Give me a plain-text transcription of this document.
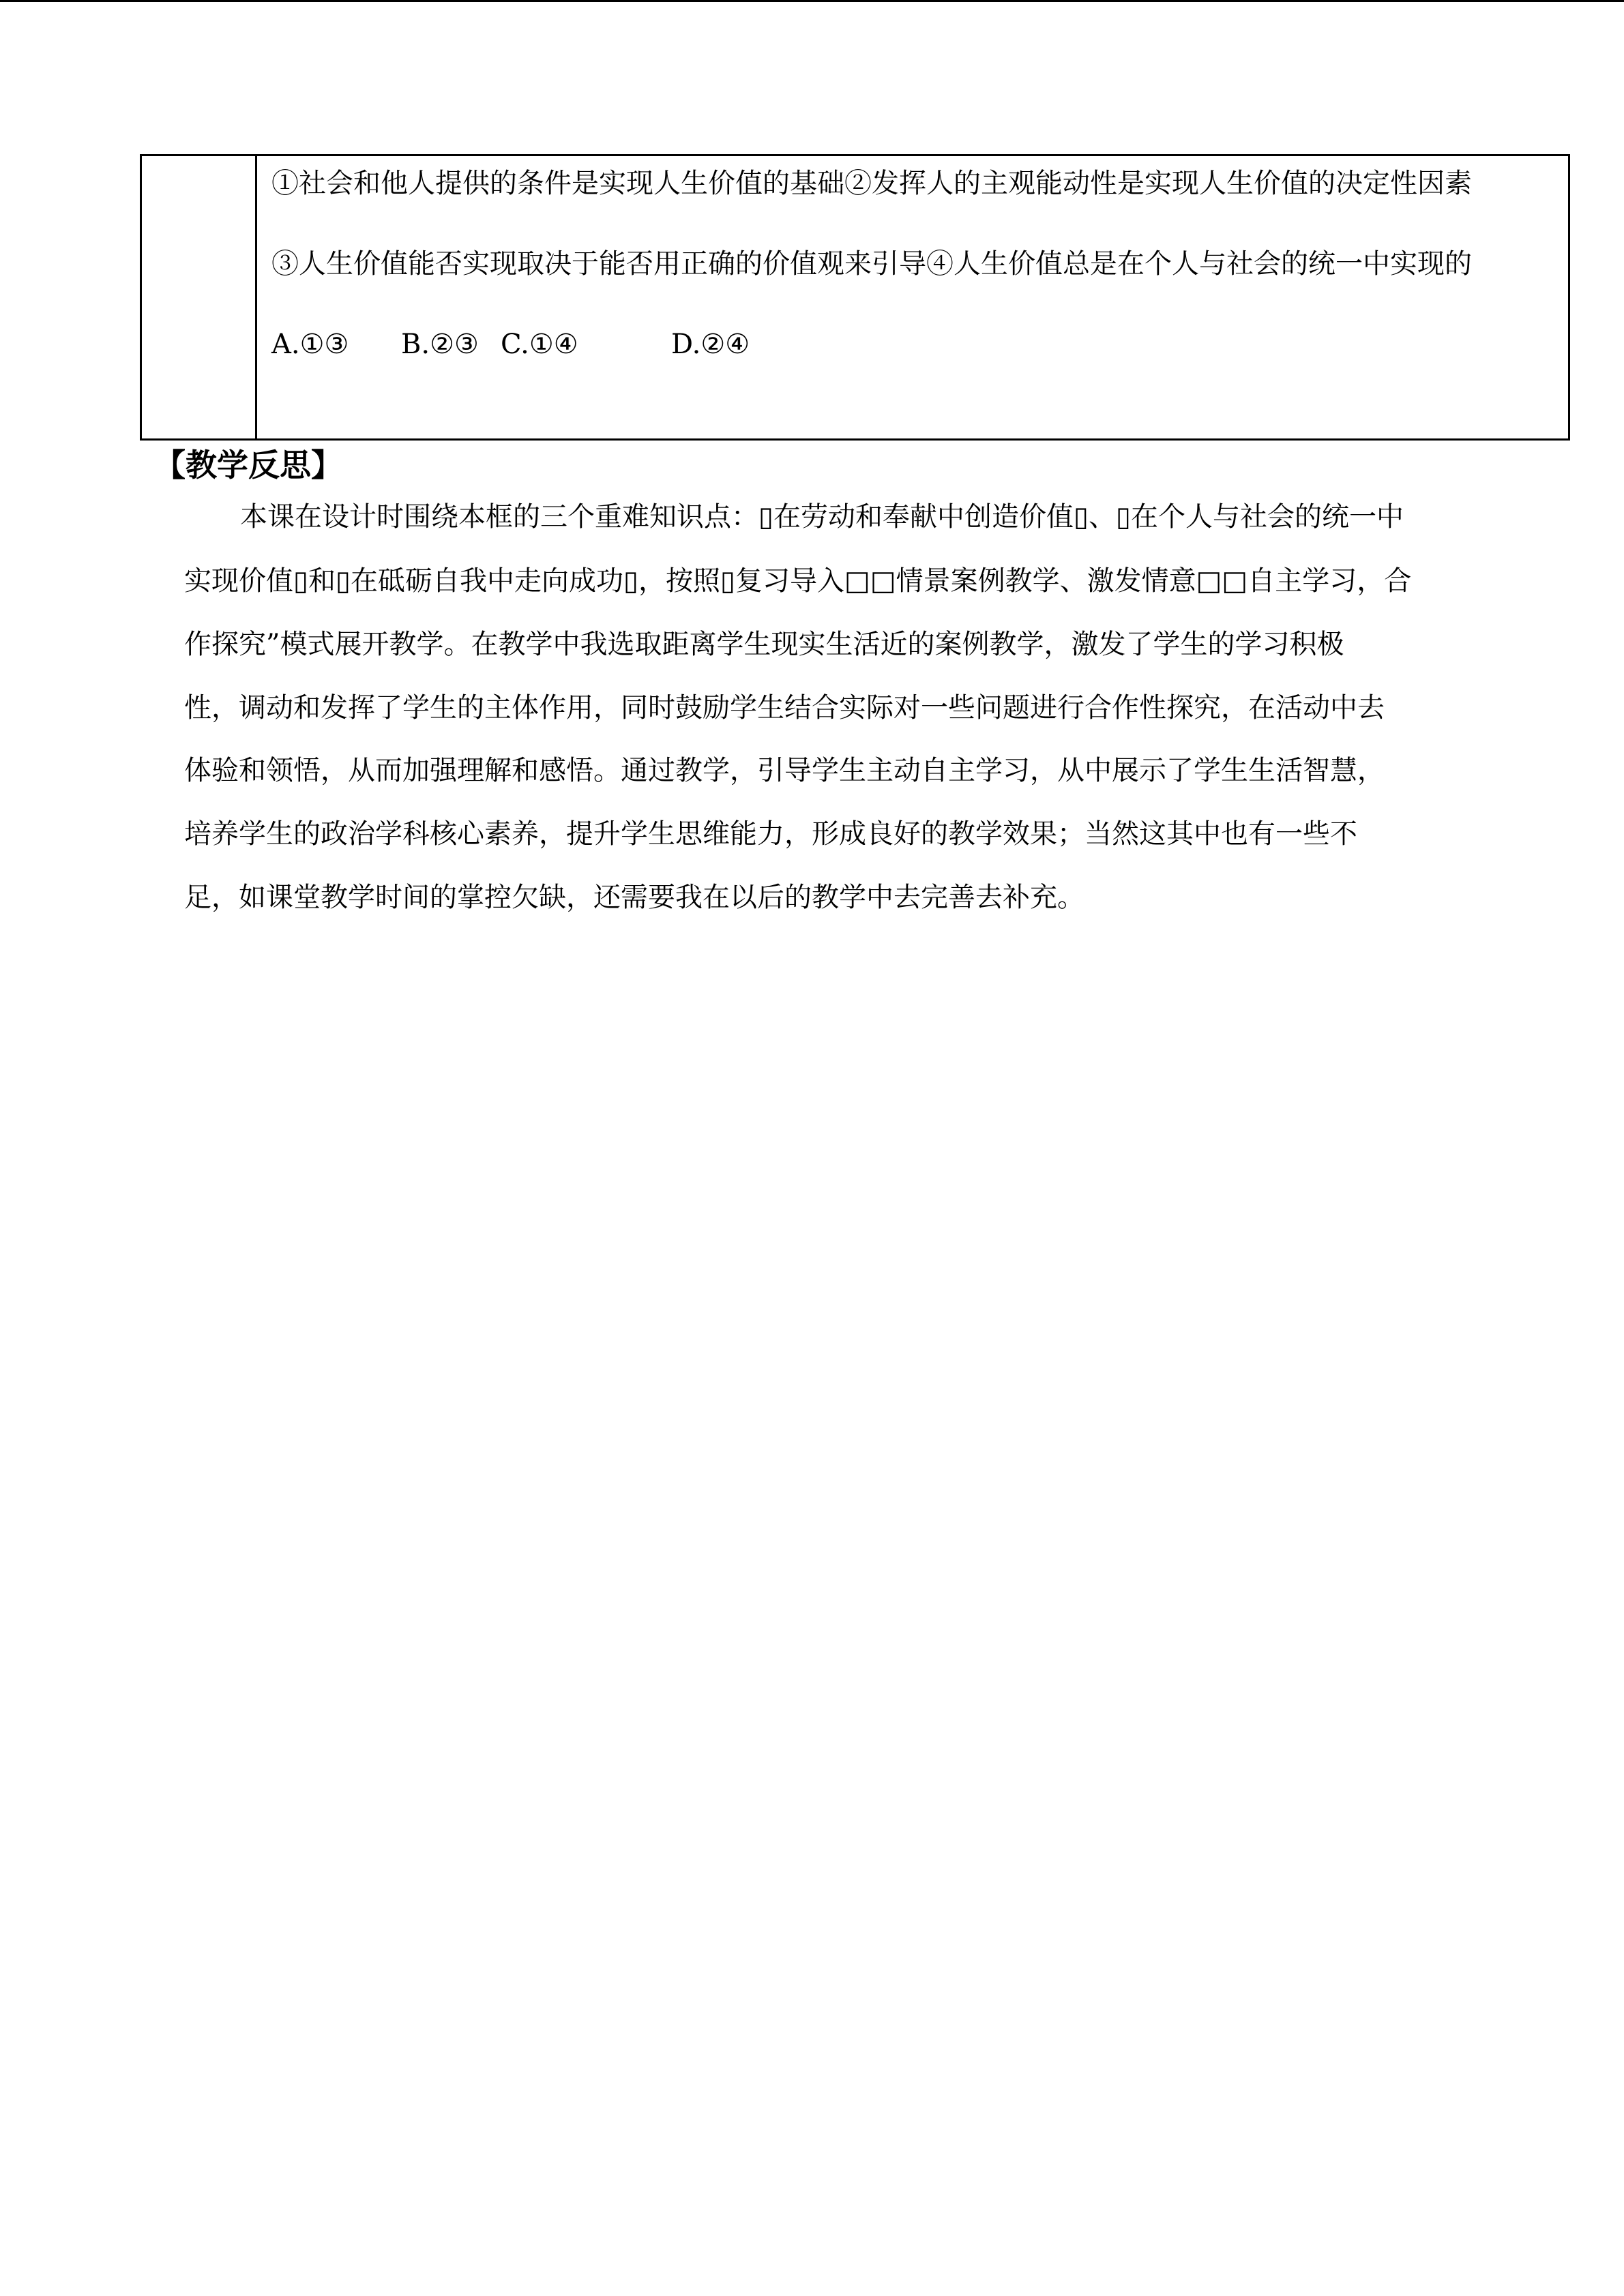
①社会和他人提供的条件是实现人生价值的基础②发挥人的主观能动性是实现人生价值的决定性因素
③人生价值能否实现取决于能否用正确的价值观来引导④人生价值总是在个人与社会的统一中实现的
A.①③ B.②③ C.①④	D.②④
【教学反思】
本课在设计时围绕本框的三个重难知识点：▯在劳动和奉献中创造价值▯、▯在个人与社会的统一中
实现价值▯和▯在砥砺自我中走向成功▯，按照▯复习导入□□情景案例教学、激发情意□□自主学习，合
作探究”模式展开教学。在教学中我选取距离学生现实生活近的案例教学，激发了学生的学习积极
性，调动和发挥了学生的主体作用，同时鼓励学生结合实际对一些问题进行合作性探究，在活动中去
体验和领悟，从而加强理解和感悟。通过教学，引导学生主动自主学习，从中展示了学生生活智慧，
培养学生的政治学科核心素养，提升学生思维能力，形成良好的教学效果；当然这其中也有一些不
足，如课堂教学时间的掌控欠缺，还需要我在以后的教学中去完善去补充。
